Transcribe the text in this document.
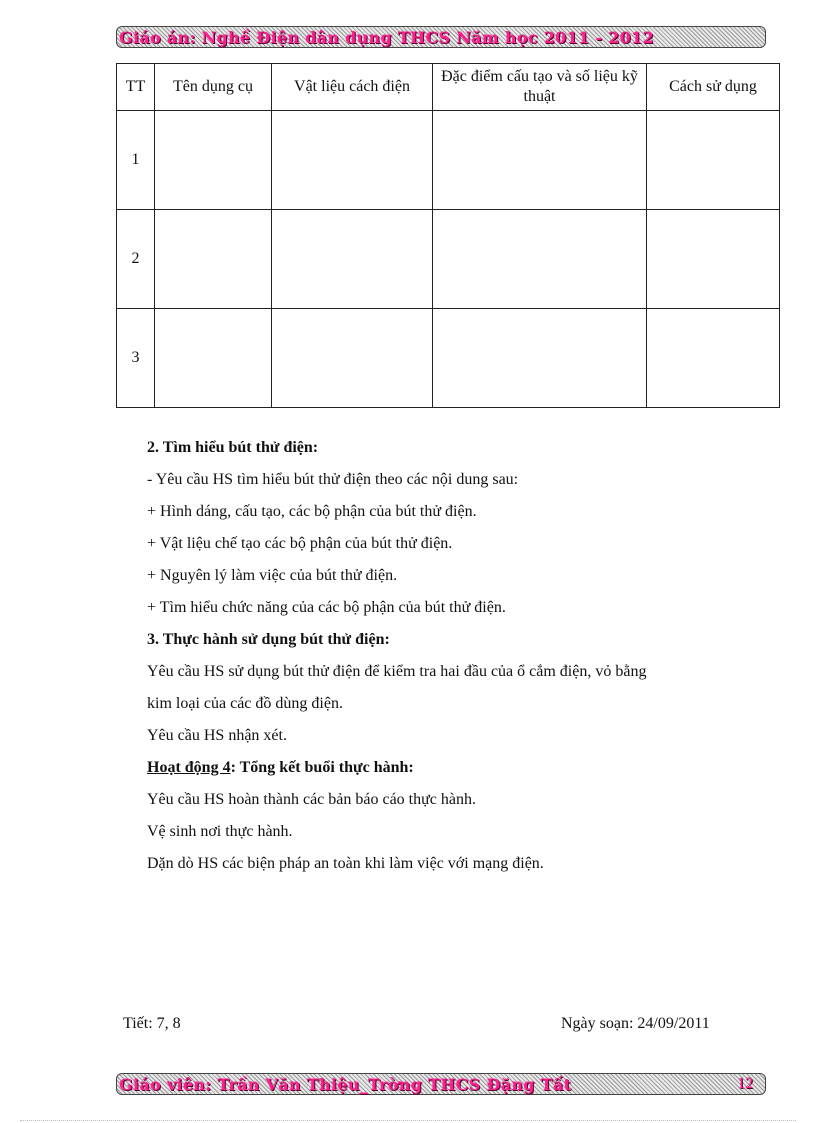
Giáo án: Nghề Điện dân dụng THCS Năm học 2011 - 2012
TT	Tên dụng cụ	Vật liệu cách điện	Đặc điểm cấu tạo và số liệu kỹ thuật	Cách sử dụng
1				
2				
3				

2. Tìm hiểu bút thử điện:

- Yêu cầu HS tìm hiểu bút thử điện theo các nội dung sau:

+ Hình dáng, cấu tạo, các bộ phận của bút thử điện.

+ Vật liệu chế tạo các bộ phận của bút thử điện.

+ Nguyên lý làm việc của bút thử điện.

+ Tìm hiểu chức năng của các bộ phận của bút thử điện.

3. Thực hành sử dụng bút thử điện:

Yêu cầu HS sử dụng bút thử điện để kiểm tra hai đầu của ổ cắm điện, vỏ bằng

kim loại của các đồ dùng điện.

Yêu cầu HS nhận xét.

Hoạt động 4: Tổng kết buổi thực hành:

Yêu cầu HS hoàn thành các bản báo cáo thực hành.

Vệ sinh nơi thực hành.

Dặn dò HS các biện pháp an toàn khi làm việc với mạng điện.

Tiết: 7, 8	Ngày soạn: 24/09/2011
Giáo viên: Trần Văn Thiệu_Trờng THCS Đặng Tất	12
